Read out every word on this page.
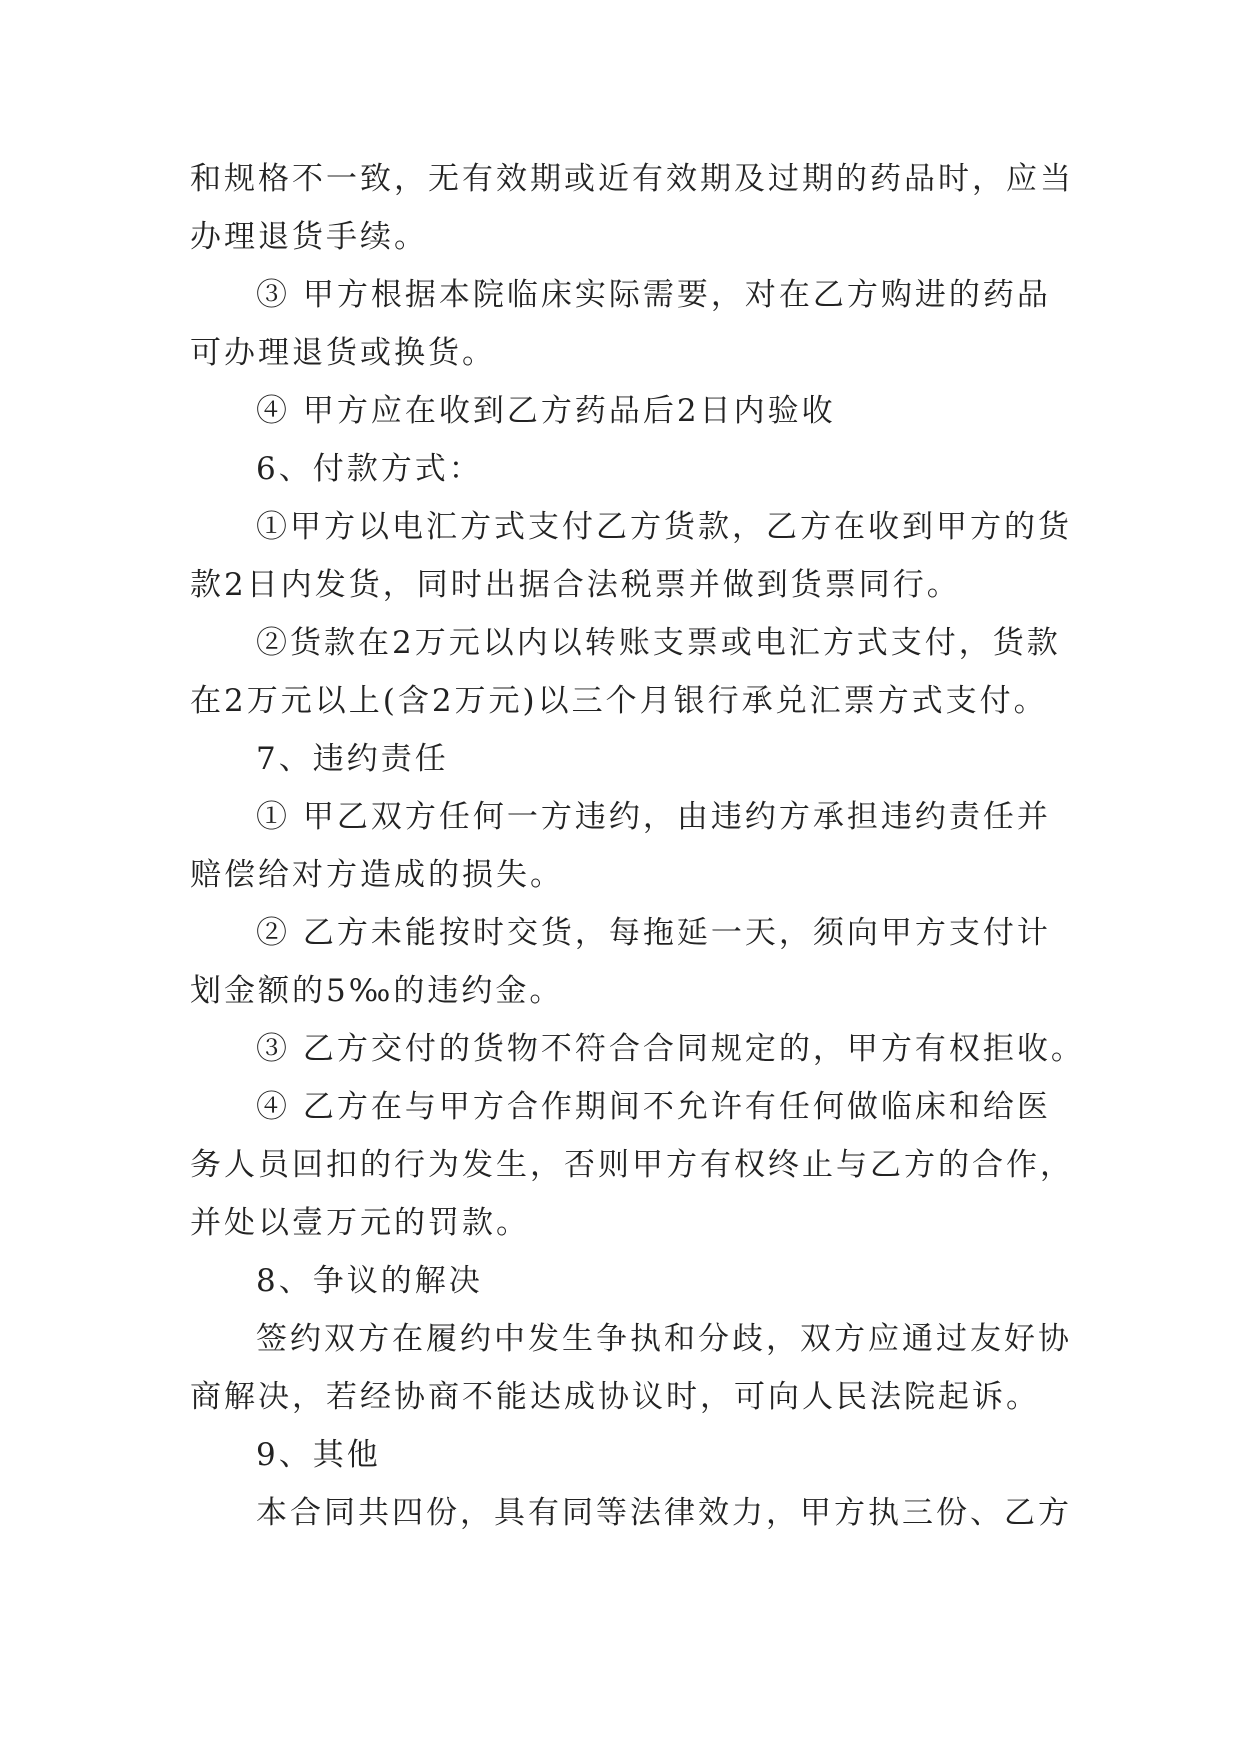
和规格不一致，无有效期或近有效期及过期的药品时，应当

办理退货手续。

③ 甲方根据本院临床实际需要，对在乙方购进的药品

可办理退货或换货。

④ 甲方应在收到乙方药品后2日内验收

6、付款方式：

①甲方以电汇方式支付乙方货款，乙方在收到甲方的货

款2日内发货，同时出据合法税票并做到货票同行。

②货款在2万元以内以转账支票或电汇方式支付，货款

在2万元以上(含2万元)以三个月银行承兑汇票方式支付。

7、违约责任

① 甲乙双方任何一方违约，由违约方承担违约责任并

赔偿给对方造成的损失。

② 乙方未能按时交货，每拖延一天，须向甲方支付计

划金额的5‰的违约金。

③ 乙方交付的货物不符合合同规定的，甲方有权拒收。

④ 乙方在与甲方合作期间不允许有任何做临床和给医

务人员回扣的行为发生，否则甲方有权终止与乙方的合作，

并处以壹万元的罚款。

8、争议的解决

签约双方在履约中发生争执和分歧，双方应通过友好协

商解决，若经协商不能达成协议时，可向人民法院起诉。

9、其他

本合同共四份，具有同等法律效力，甲方执三份、乙方
